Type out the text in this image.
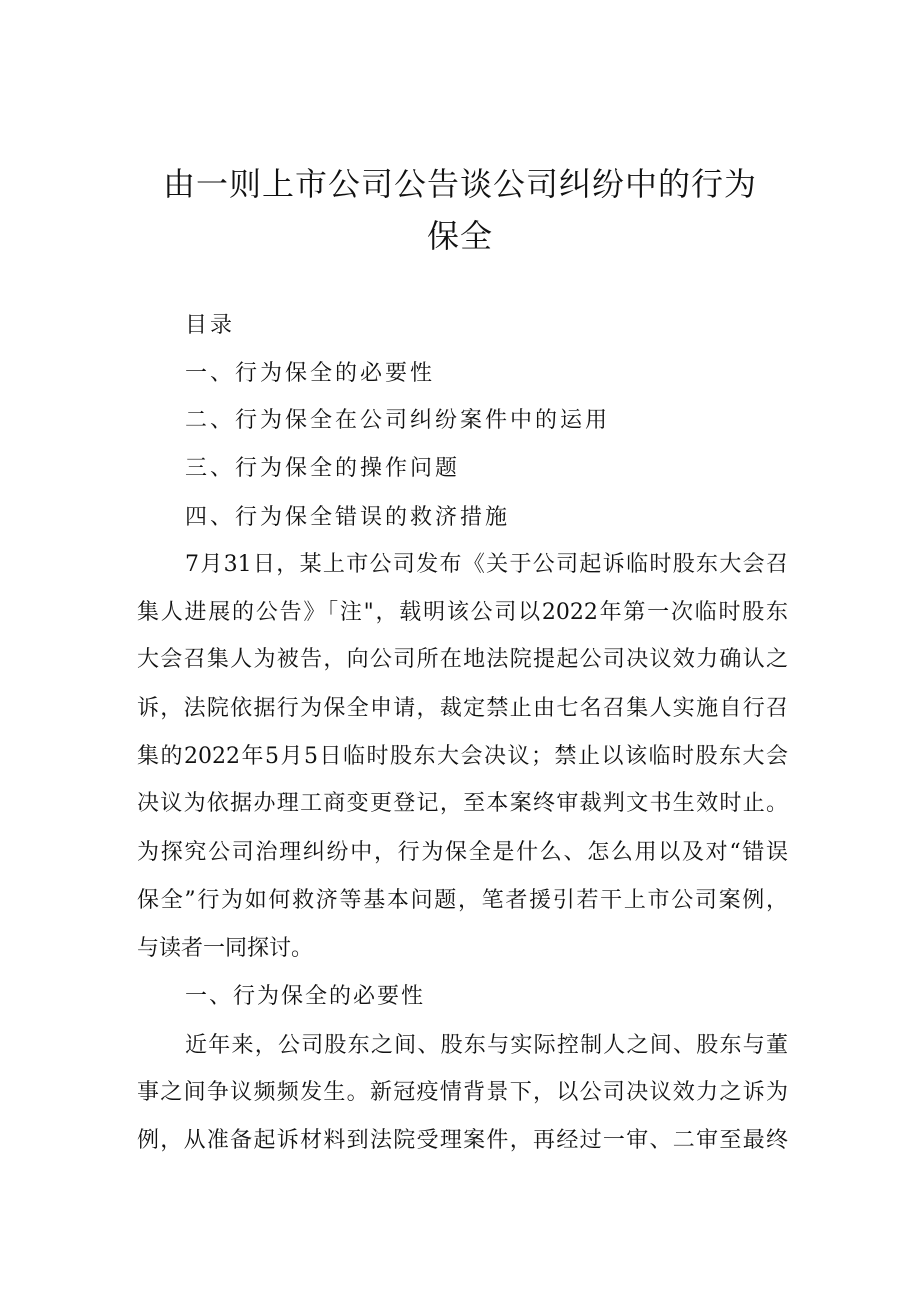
由一则上市公司公告谈公司纠纷中的行为
保全

目录

一、行为保全的必要性

二、行为保全在公司纠纷案件中的运用

三、行为保全的操作问题

四、行为保全错误的救济措施

7月31日，某上市公司发布《关于公司起诉临时股东大会召

集人进展的公告》「注"，载明该公司以2022年第一次临时股东

大会召集人为被告，向公司所在地法院提起公司决议效力确认之

诉，法院依据行为保全申请，裁定禁止由七名召集人实施自行召

集的2022年5月5日临时股东大会决议；禁止以该临时股东大会

决议为依据办理工商变更登记，至本案终审裁判文书生效时止。

为探究公司治理纠纷中，行为保全是什么、怎么用以及对“错误

保全”行为如何救济等基本问题，笔者援引若干上市公司案例，

与读者一同探讨。

一、行为保全的必要性

近年来，公司股东之间、股东与实际控制人之间、股东与董

事之间争议频频发生。新冠疫情背景下，以公司决议效力之诉为

例，从准备起诉材料到法院受理案件，再经过一审、二审至最终
